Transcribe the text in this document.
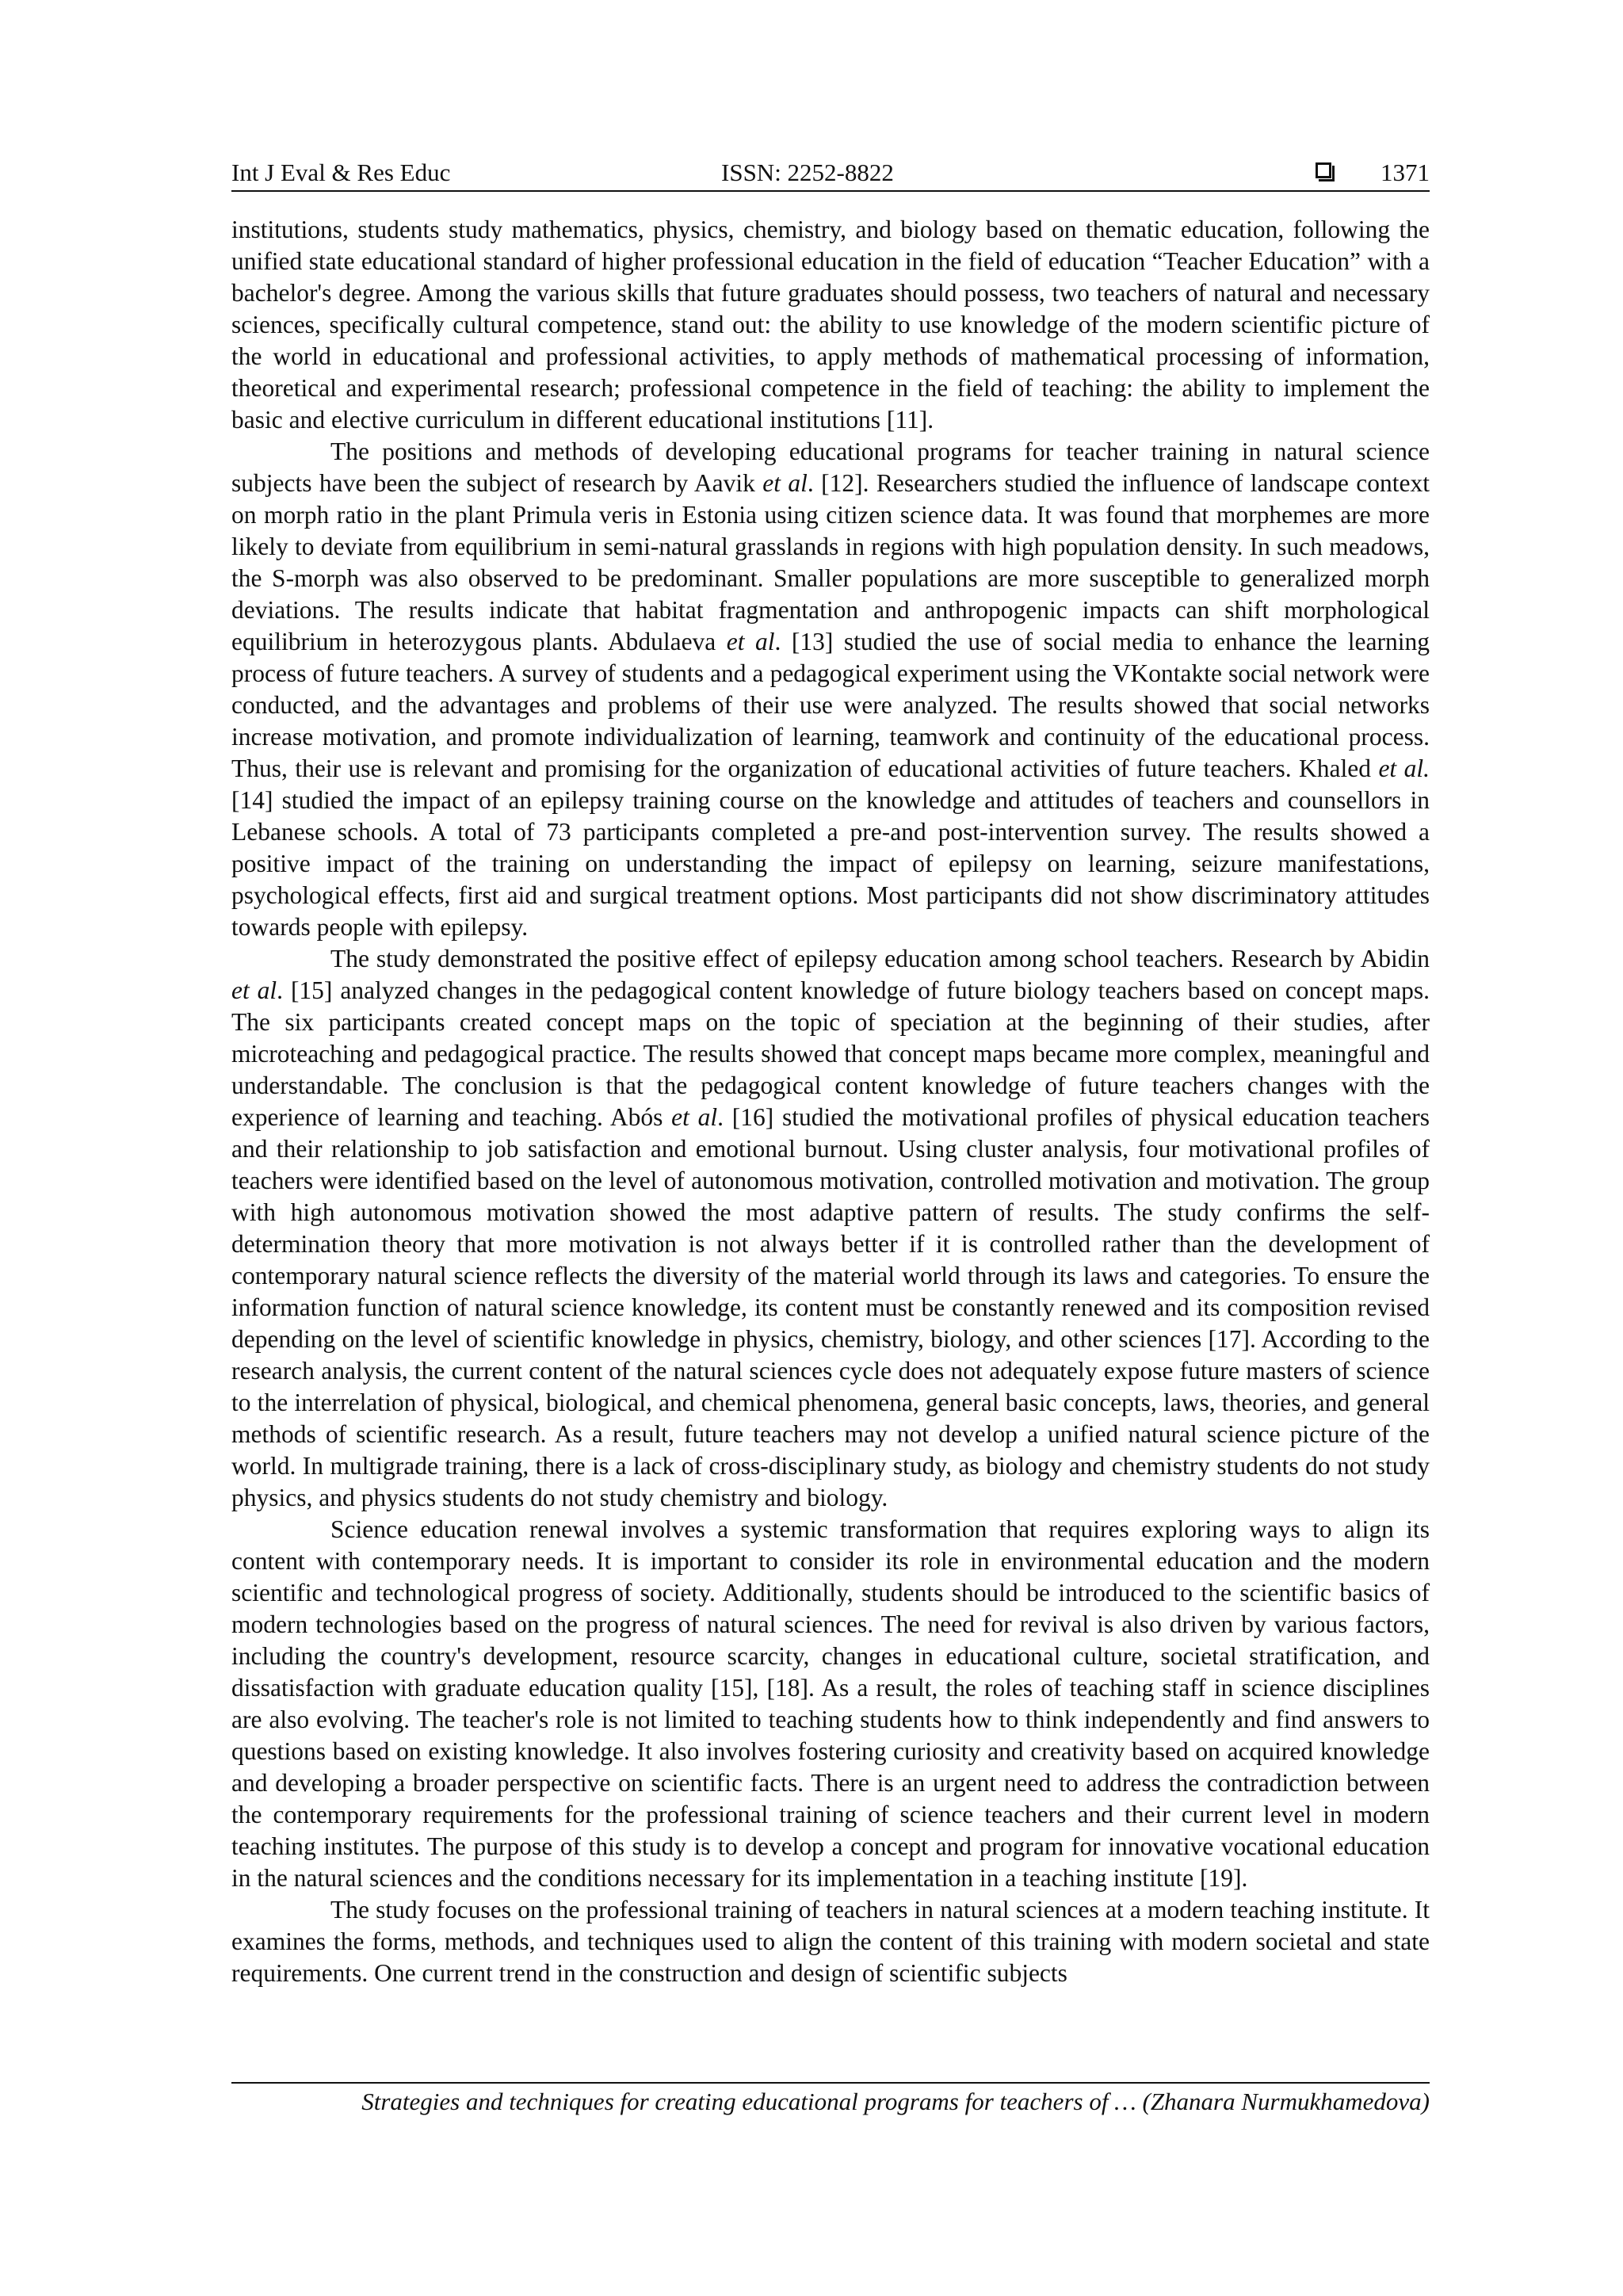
Int J Eval & Res Educ	ISSN: 2252-8822	1371

institutions, students study mathematics, physics, chemistry, and biology based on thematic education, following the unified state educational standard of higher professional education in the field of education “Teacher Education” with a bachelor's degree. Among the various skills that future graduates should possess, two teachers of natural and necessary sciences, specifically cultural competence, stand out: the ability to use knowledge of the modern scientific picture of the world in educational and professional activities, to apply methods of mathematical processing of information, theoretical and experimental research; professional competence in the field of teaching: the ability to implement the basic and elective curriculum in different educational institutions [11].

The positions and methods of developing educational programs for teacher training in natural science subjects have been the subject of research by Aavik et al. [12]. Researchers studied the influence of landscape context on morph ratio in the plant Primula veris in Estonia using citizen science data. It was found that morphemes are more likely to deviate from equilibrium in semi-natural grasslands in regions with high population density. In such meadows, the S-morph was also observed to be predominant. Smaller populations are more susceptible to generalized morph deviations. The results indicate that habitat fragmentation and anthropogenic impacts can shift morphological equilibrium in heterozygous plants. Abdulaeva et al. [13] studied the use of social media to enhance the learning process of future teachers. A survey of students and a pedagogical experiment using the VKontakte social network were conducted, and the advantages and problems of their use were analyzed. The results showed that social networks increase motivation, and promote individualization of learning, teamwork and continuity of the educational process. Thus, their use is relevant and promising for the organization of educational activities of future teachers. Khaled et al. [14] studied the impact of an epilepsy training course on the knowledge and attitudes of teachers and counsellors in Lebanese schools. A total of 73 participants completed a pre-and post-intervention survey. The results showed a positive impact of the training on understanding the impact of epilepsy on learning, seizure manifestations, psychological effects, first aid and surgical treatment options. Most participants did not show discriminatory attitudes towards people with epilepsy.

The study demonstrated the positive effect of epilepsy education among school teachers. Research by Abidin et al. [15] analyzed changes in the pedagogical content knowledge of future biology teachers based on concept maps. The six participants created concept maps on the topic of speciation at the beginning of their studies, after microteaching and pedagogical practice. The results showed that concept maps became more complex, meaningful and understandable. The conclusion is that the pedagogical content knowledge of future teachers changes with the experience of learning and teaching. Abós et al. [16] studied the motivational profiles of physical education teachers and their relationship to job satisfaction and emotional burnout. Using cluster analysis, four motivational profiles of teachers were identified based on the level of autonomous motivation, controlled motivation and motivation. The group with high autonomous motivation showed the most adaptive pattern of results. The study confirms the self-determination theory that more motivation is not always better if it is controlled rather than the development of contemporary natural science reflects the diversity of the material world through its laws and categories. To ensure the information function of natural science knowledge, its content must be constantly renewed and its composition revised depending on the level of scientific knowledge in physics, chemistry, biology, and other sciences [17]. According to the research analysis, the current content of the natural sciences cycle does not adequately expose future masters of science to the interrelation of physical, biological, and chemical phenomena, general basic concepts, laws, theories, and general methods of scientific research. As a result, future teachers may not develop a unified natural science picture of the world. In multigrade training, there is a lack of cross-disciplinary study, as biology and chemistry students do not study physics, and physics students do not study chemistry and biology.

Science education renewal involves a systemic transformation that requires exploring ways to align its content with contemporary needs. It is important to consider its role in environmental education and the modern scientific and technological progress of society. Additionally, students should be introduced to the scientific basics of modern technologies based on the progress of natural sciences. The need for revival is also driven by various factors, including the country's development, resource scarcity, changes in educational culture, societal stratification, and dissatisfaction with graduate education quality [15], [18]. As a result, the roles of teaching staff in science disciplines are also evolving. The teacher's role is not limited to teaching students how to think independently and find answers to questions based on existing knowledge. It also involves fostering curiosity and creativity based on acquired knowledge and developing a broader perspective on scientific facts. There is an urgent need to address the contradiction between the contemporary requirements for the professional training of science teachers and their current level in modern teaching institutes. The purpose of this study is to develop a concept and program for innovative vocational education in the natural sciences and the conditions necessary for its implementation in a teaching institute [19].

The study focuses on the professional training of teachers in natural sciences at a modern teaching institute. It examines the forms, methods, and techniques used to align the content of this training with modern societal and state requirements. One current trend in the construction and design of scientific subjects

Strategies and techniques for creating educational programs for teachers of … (Zhanara Nurmukhamedova)
